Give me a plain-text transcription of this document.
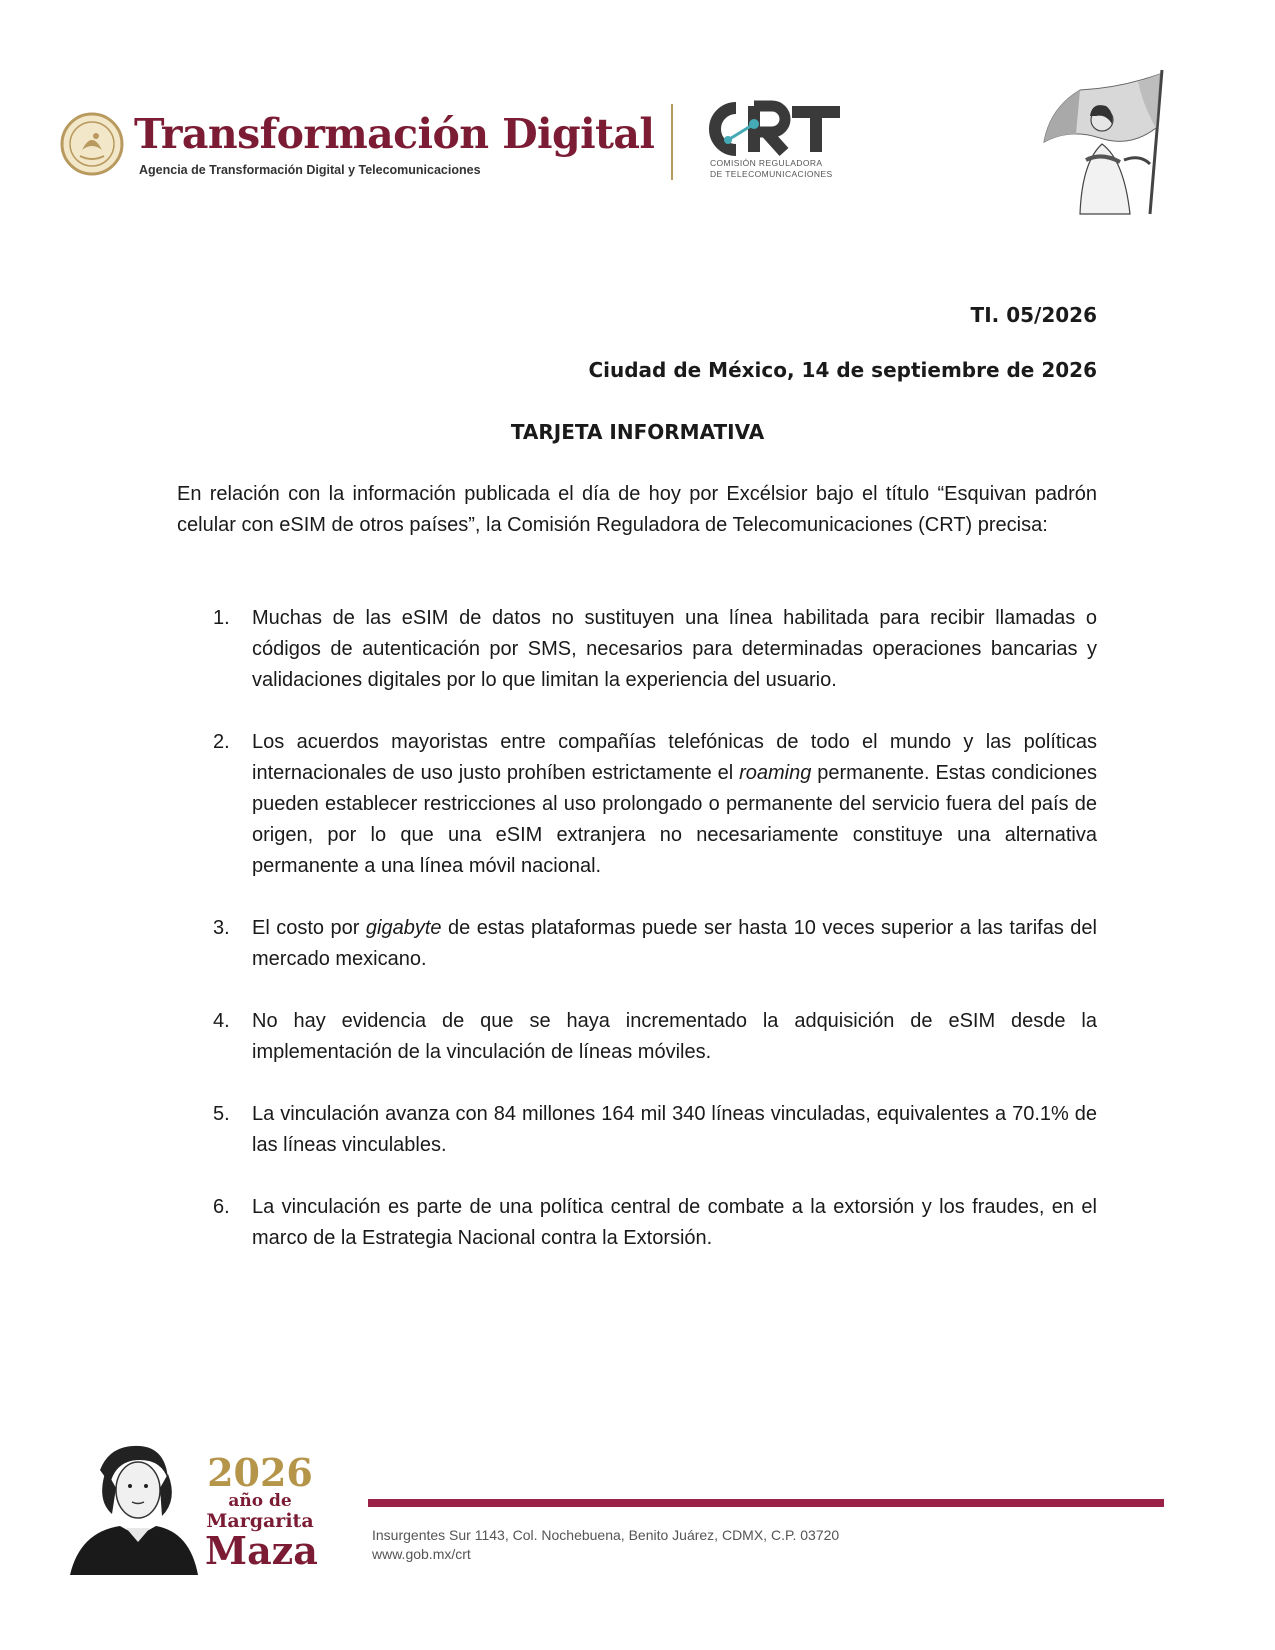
Transformación Digital
Agencia de Transformación Digital y Telecomunicaciones	COMISIÓN REGULADORA
DE TELECOMUNICACIONES
TI. 05/2026
Ciudad de México, 14 de septiembre de 2026
TARJETA INFORMATIVA
En relación con la información publicada el día de hoy por Excélsior bajo el título “Esquivan padrón celular con eSIM de otros países”, la Comisión Reguladora de Telecomunicaciones (CRT) precisa:
1. Muchas de las eSIM de datos no sustituyen una línea habilitada para recibir llamadas o códigos de autenticación por SMS, necesarios para determinadas operaciones bancarias y validaciones digitales por lo que limitan la experiencia del usuario.
2. Los acuerdos mayoristas entre compañías telefónicas de todo el mundo y las políticas internacionales de uso justo prohíben estrictamente el roaming permanente. Estas condiciones pueden establecer restricciones al uso prolongado o permanente del servicio fuera del país de origen, por lo que una eSIM extranjera no necesariamente constituye una alternativa permanente a una línea móvil nacional.
3. El costo por gigabyte de estas plataformas puede ser hasta 10 veces superior a las tarifas del mercado mexicano.
4. No hay evidencia de que se haya incrementado la adquisición de eSIM desde la implementación de la vinculación de líneas móviles.
5. La vinculación avanza con 84 millones 164 mil 340 líneas vinculadas, equivalentes a 70.1% de las líneas vinculables.
6. La vinculación es parte de una política central de combate a la extorsión y los fraudes, en el marco de la Estrategia Nacional contra la Extorsión.
2026
año de
Margarita
Maza	Insurgentes Sur 1143, Col. Nochebuena, Benito Juárez, CDMX, C.P. 03720
www.gob.mx/crt
